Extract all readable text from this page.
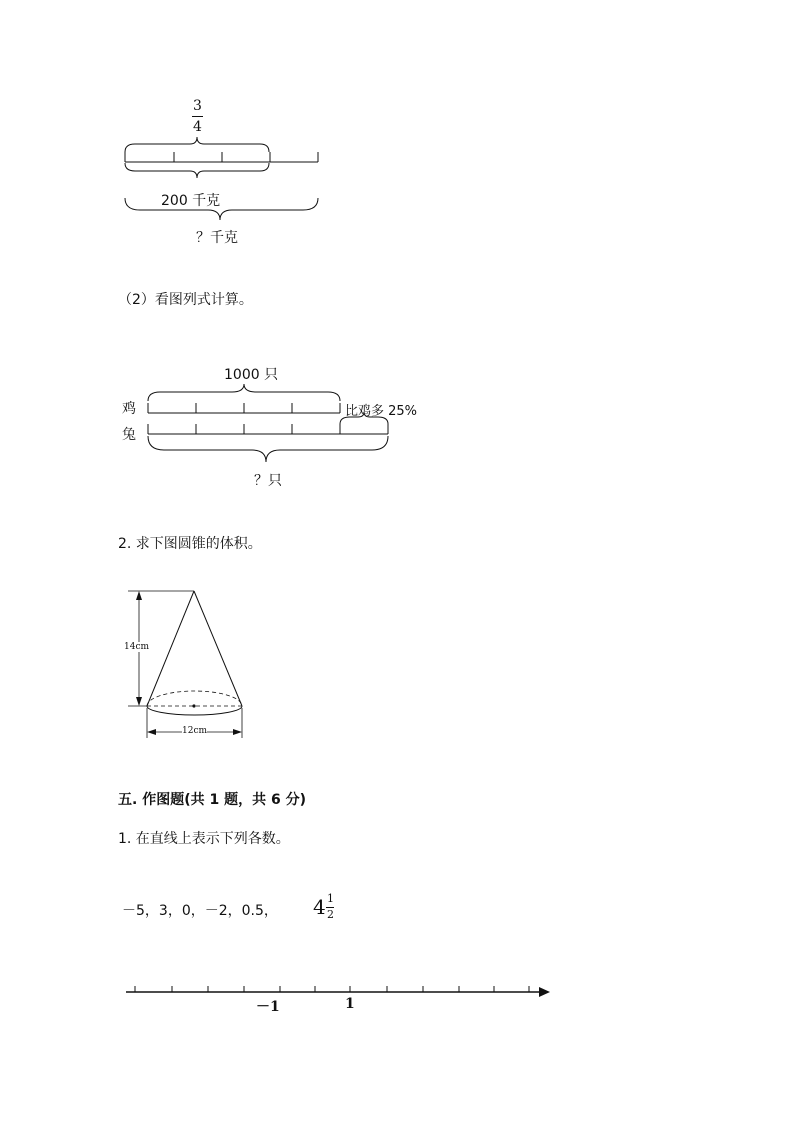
3
4
200 千克
？千克
（2）看图列式计算。
1000 只
鸡
兔
比鸡多 25%
？只
2. 求下图圆锥的体积。
14cm
12cm
五. 作图题(共 1 题，共 6 分)
1. 在直线上表示下列各数。
－5，3，0，－2，0.5， 4 1
2
－1	1
